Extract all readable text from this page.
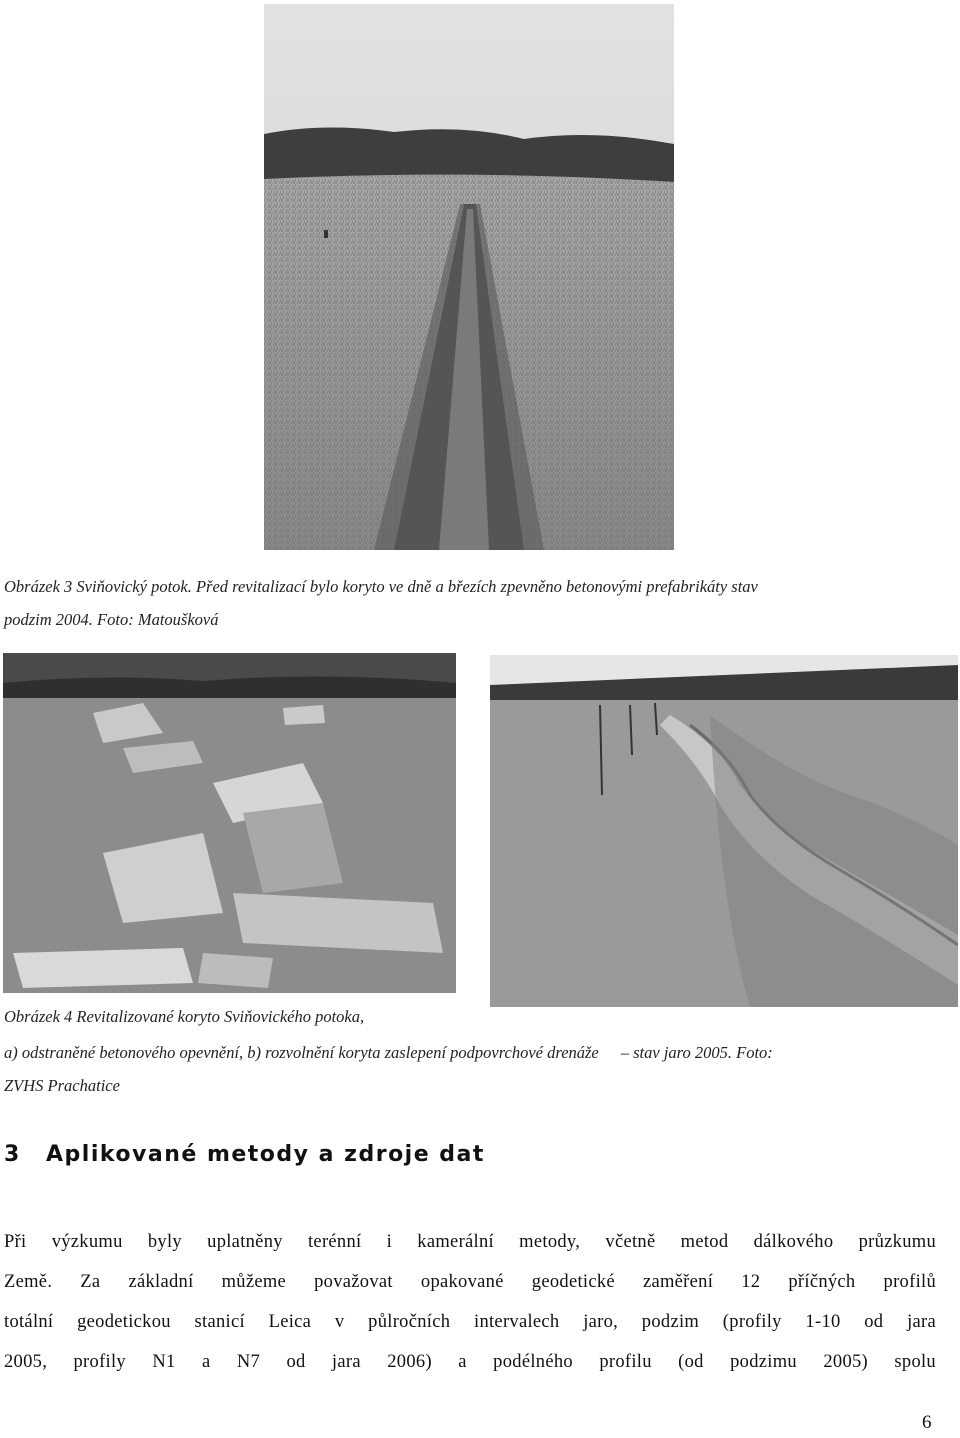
Obrázek 3 Sviňovický potok. Před revitalizací bylo koryto ve dně a březích zpevněno betonovými prefabrikáty stav
podzim 2004. Foto: Matoušková
Obrázek 4 Revitalizované koryto Sviňovického potoka,
a) odstraněné betonového opevnění, b) rozvolnění koryta zaslepení podpovrchové drenáže – stav jaro 2005. Foto:
ZVHS Prachatice
3 Aplikované metody a zdroje dat
Při výzkumu byly uplatněny terénní i kamerální metody, včetně metod dálkového průzkumu
Země. Za základní můžeme považovat opakované geodetické zaměření 12 příčných profilů
totální geodetickou stanicí Leica v půlročních intervalech jaro, podzim (profily 1-10 od jara
2005, profily N1 a N7 od jara 2006) a podélného profilu (od podzimu 2005) spolu
6
